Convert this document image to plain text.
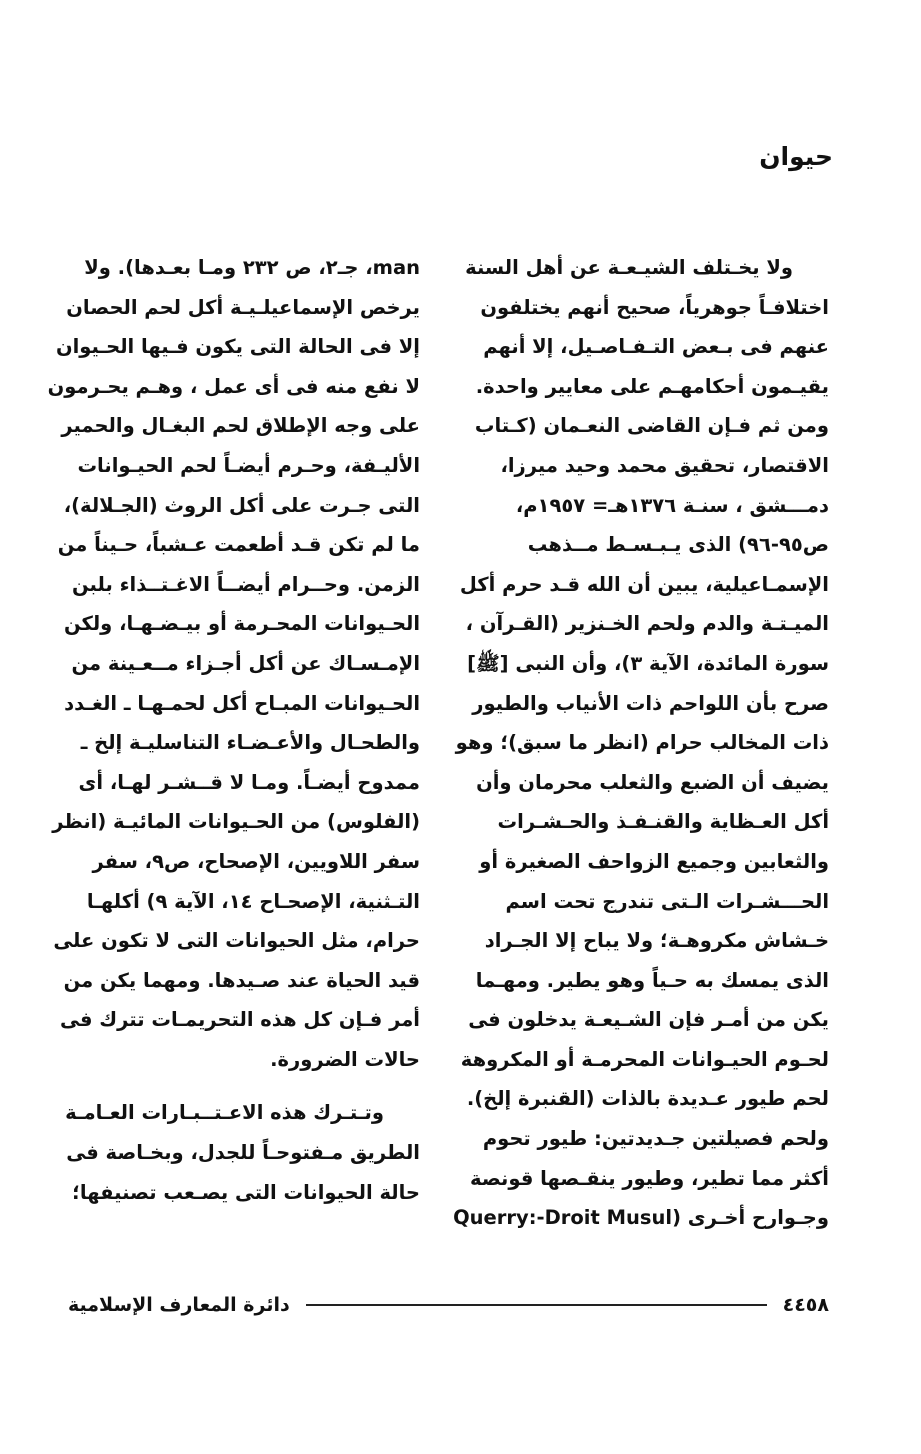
حيوان
ولا يخـتلف الشيـعـة عن أهل السنة
اختلافـاً جوهرياً، صحيح أنهم يختلفون
عنهم فى بـعض التـفـاصـيل، إلا أنهم
يقيـمون أحكامهـم على معايير واحدة.
ومن ثم فـإن القاضى النعـمان (كـتاب
الاقتصار، تحقيق محمد وحيد ميرزا،
دمـــشق ، سنـة ١٣٧٦هـ= ١٩٥٧م،
ص٩٥-٩٦) الذى يـبـسـط مــذهب
الإسمـاعيلية، يبين أن الله قـد حرم أكل
الميـتـة والدم ولحم الخـنزير (القـرآن ،
سورة المائدة، الآية ٣)، وأن النبى [ﷺ]
صرح بأن اللواحم ذات الأنياب والطيور
ذات المخالب حرام (انظر ما سبق)؛ وهو
يضيف أن الضبع والثعلب محرمان وأن
أكل العـظاية والقنـفـذ والحـشـرات
والثعابين وجميع الزواحف الصغيرة أو
الحـــشـرات الـتى تندرج تحت اسم
خـشاش مكروهـة؛ ولا يباح إلا الجـراد
الذى يمسك به حـياً وهو يطير. ومهـما
يكن من أمـر فإن الشـيعـة يدخلون فى
لحـوم الحيـوانات المحرمـة أو المكروهة
لحم طيور عـديدة بالذات (القنبرة إلخ).
ولحم فصيلتين جـديدتين: طيور تحوم
أكثر مما تطير، وطيور ينقـصها قونصة
وجـوارح أخـرى (Querry:-Droit Musul
man، جـ٢، ص ٢٣٢ ومـا بعـدها). ولا
يرخص الإسماعيلـيـة أكل لحم الحصان
إلا فى الحالة التى يكون فـيها الحـيوان
لا نفع منه فى أى عمل ، وهـم يحـرمون
على وجه الإطلاق لحم البغـال والحمير
الأليـفة، وحـرم أيضـاً لحم الحيـوانات
التى جـرت على أكل الروث (الجـلالة)،
ما لم تكن قـد أطعمت عـشباً، حـيناً من
الزمن. وحــرام أيضــاً الاغـتــذاء بلبن
الحـيوانات المحـرمة أو بيـضـهـا، ولكن
الإمـسـاك عن أكل أجـزاء مــعـينة من
الحـيوانات المبـاح أكل لحمـهـا ـ الغـدد
والطحـال والأعـضـاء التناسليـة إلخ ـ
ممدوح أيضـاً. ومـا لا قــشـر لهـا، أى
(الفلوس) من الحـيوانات المائيـة (انظر
سفر اللاويين، الإصحاح، ص٩، سفر
التـثنية، الإصحـاح ١٤، الآية ٩) أكلهـا
حرام، مثل الحيوانات التى لا تكون على
قيد الحياة عند صـيدها. ومهما يكن من
أمر فـإن كل هذه التحريمـات تترك فى
حالات الضرورة.
وتـتـرك هذه الاعـتــبـارات العـامـة
الطريق مـفتوحـاً للجدل، وبخـاصة فى
حالة الحيوانات التى يصـعب تصنيفها؛
٤٤٥٨
دائرة المعارف الإسلامية
